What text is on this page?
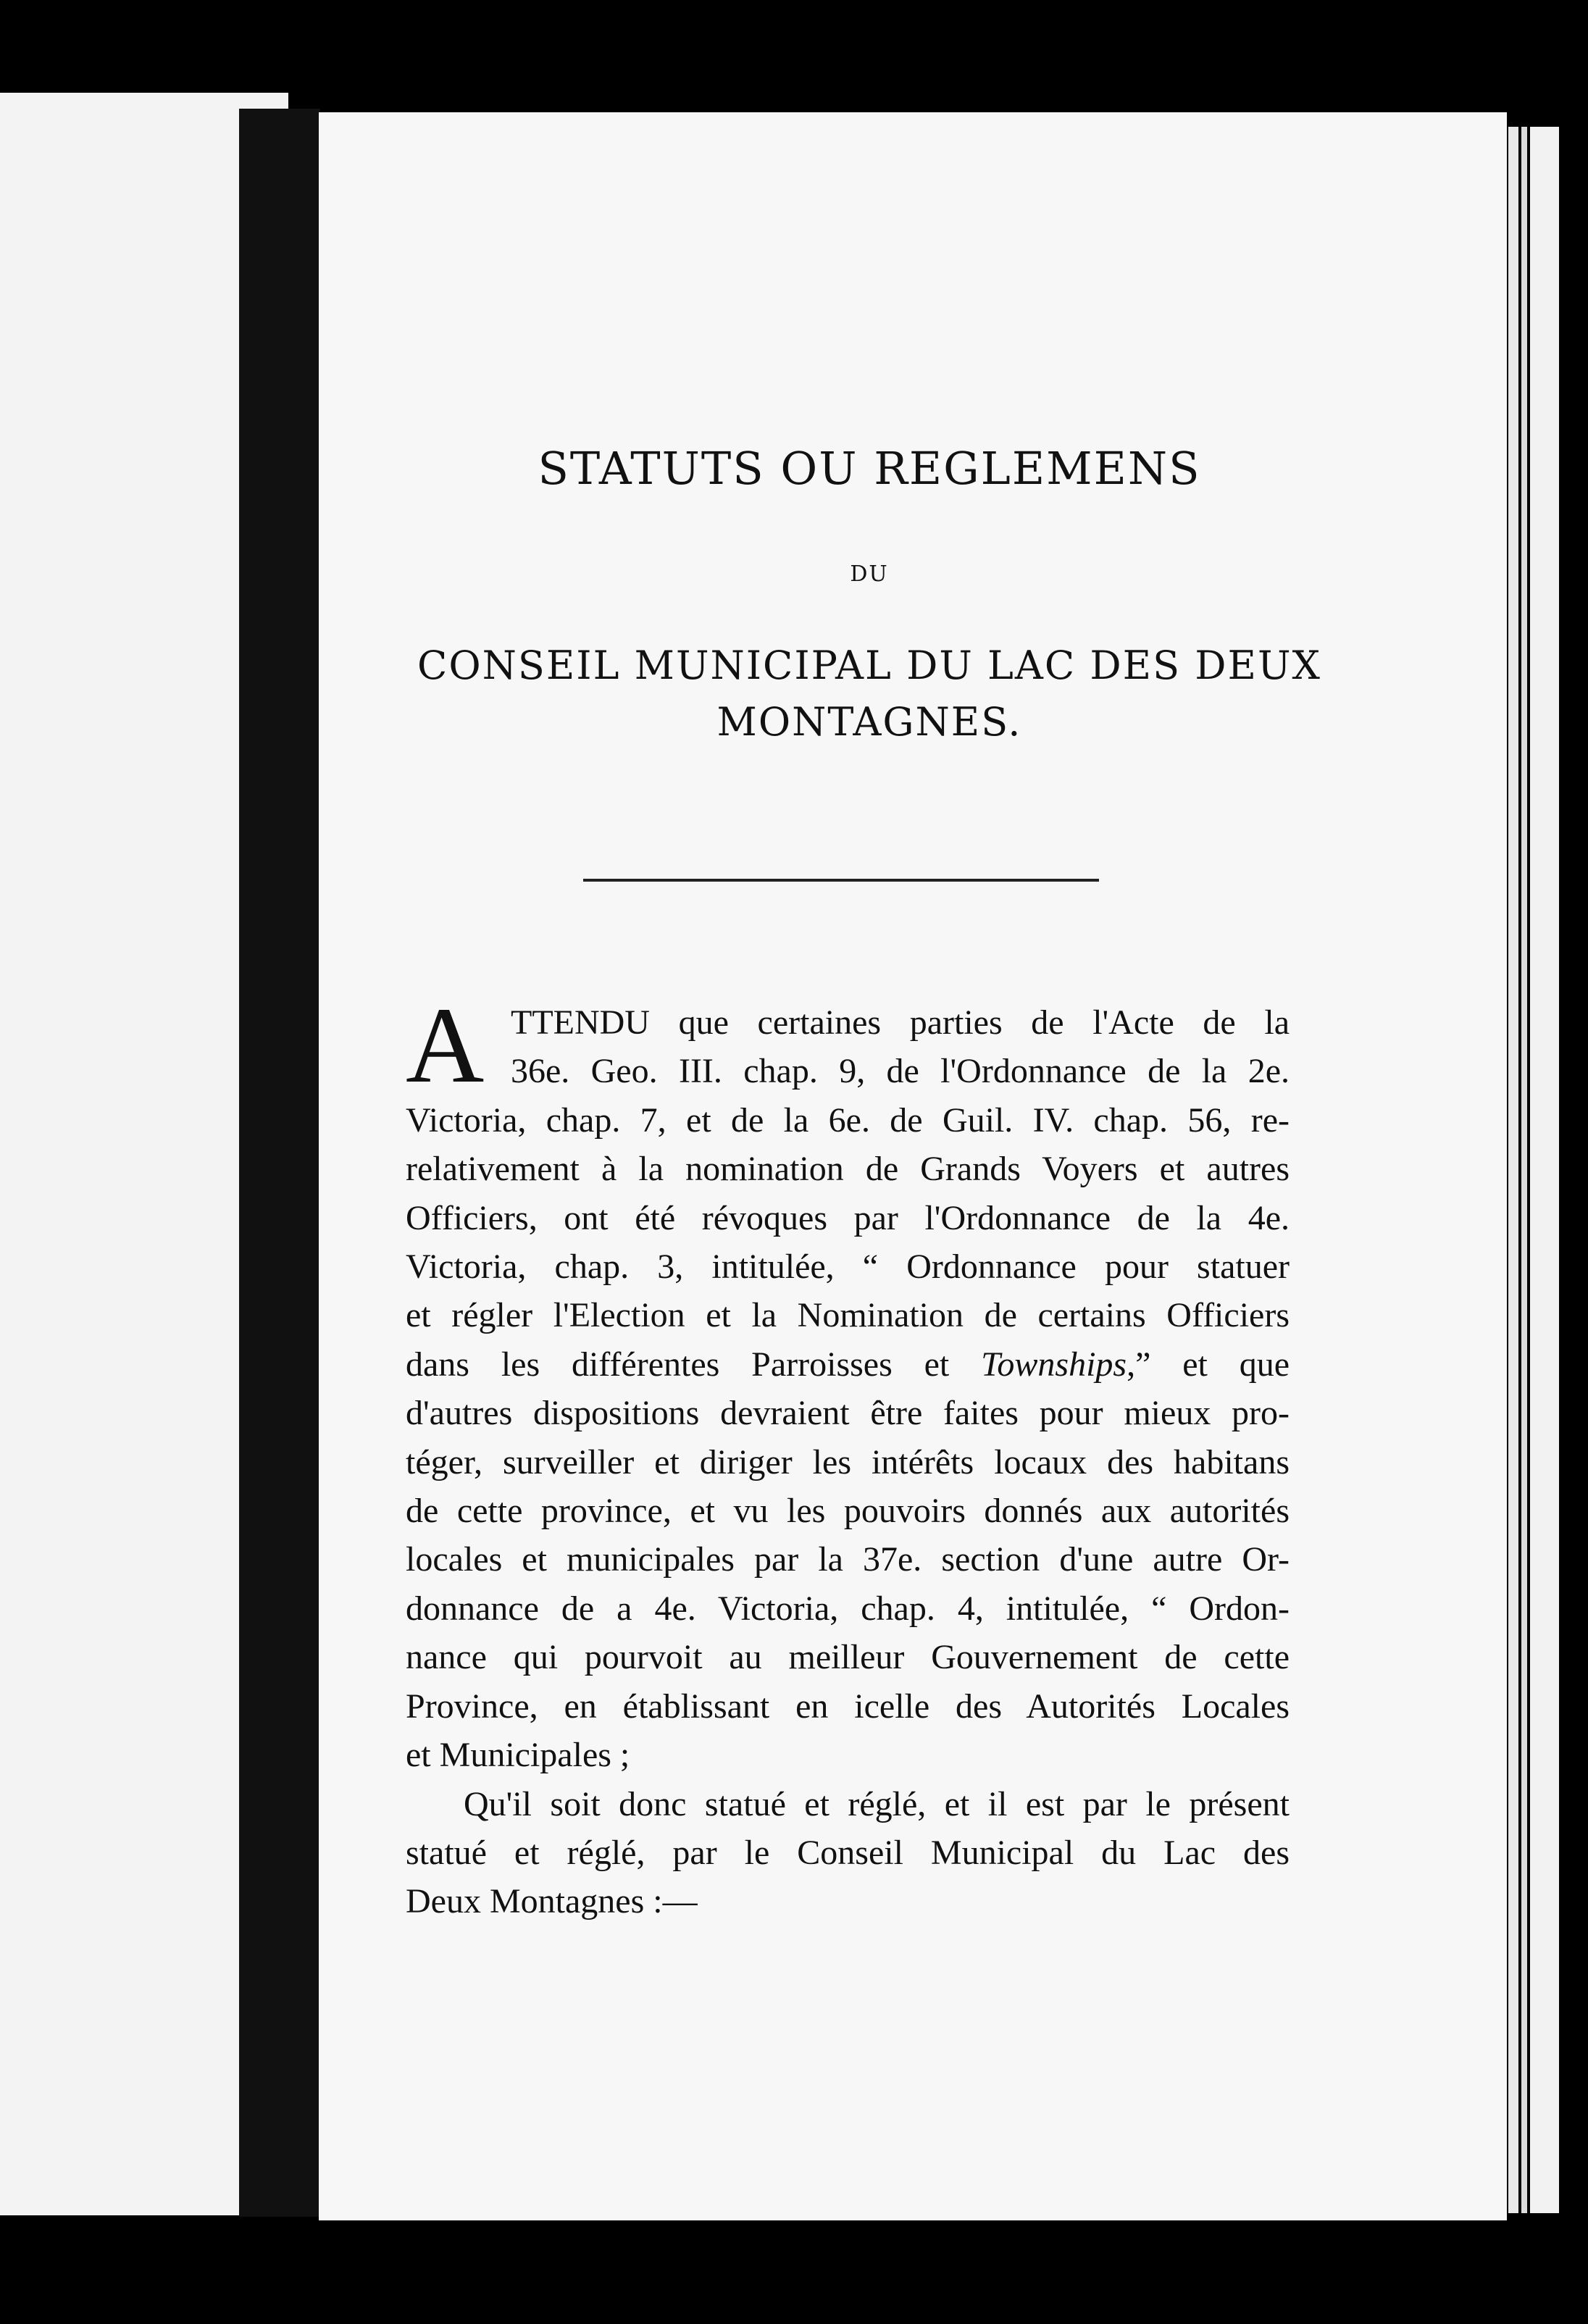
STATUTS OU REGLEMENS
DU
CONSEIL MUNICIPAL DU LAC DES DEUX
MONTAGNES.
A TTENDU que certaines parties de l'Acte de la
36e. Geo. III. chap. 9, de l'Ordonnance de la 2e.
Victoria, chap. 7, et de la 6e. de Guil. IV. chap. 56, re-
relativement à la nomination de Grands Voyers et autres
Officiers, ont été révoques par l'Ordonnance de la 4e.
Victoria, chap. 3, intitulée, “ Ordonnance pour statuer
et régler l'Election et la Nomination de certains Officiers
dans les différentes Parroisses et Townships,” et que
d'autres dispositions devraient être faites pour mieux pro-
téger, surveiller et diriger les intérêts locaux des habitans
de cette province, et vu les pouvoirs donnés aux autorités
locales et municipales par la 37e. section d'une autre Or-
donnance de a 4e. Victoria, chap. 4, intitulée, “ Ordon-
nance qui pourvoit au meilleur Gouvernement de cette
Province, en établissant en icelle des Autorités Locales
et Municipales ;
Qu'il soit donc statué et réglé, et il est par le présent
statué et réglé, par le Conseil Municipal du Lac des
Deux Montagnes :—
